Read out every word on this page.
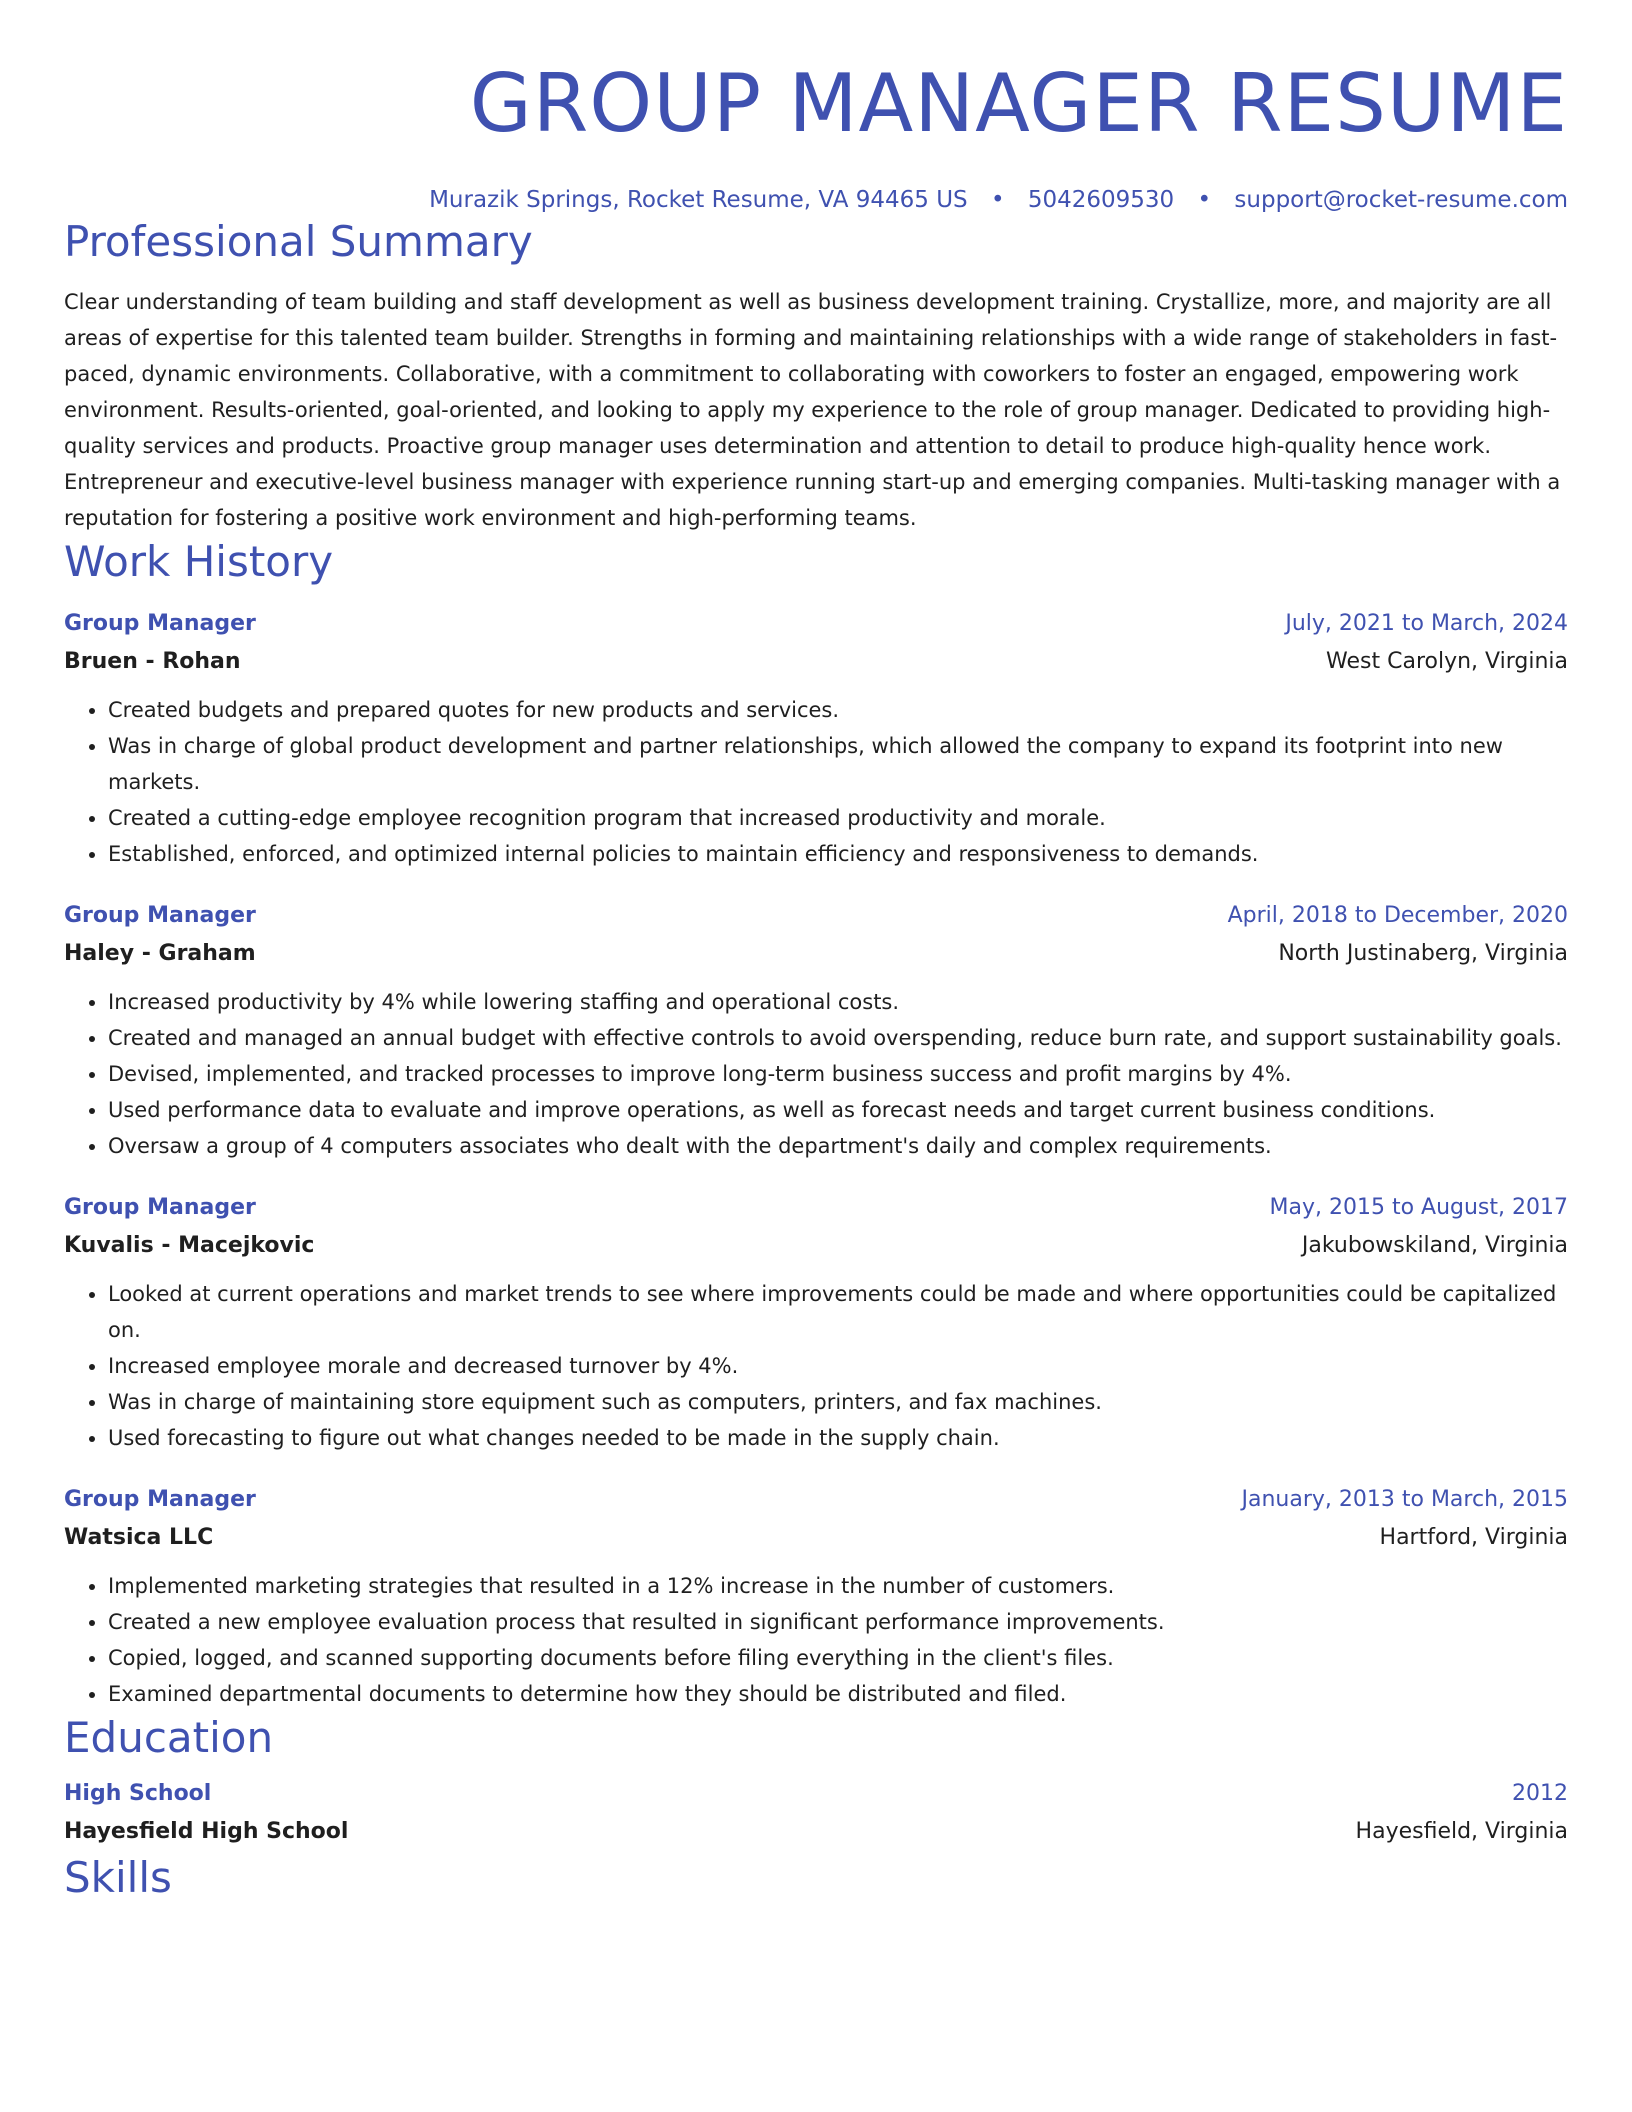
GROUP MANAGER RESUME
Murazik Springs, Rocket Resume, VA 94465 US • 5042609530 • support@rocket-resume.com
Professional Summary
Clear understanding of team building and staff development as well as business development training. Crystallize, more, and majority are all areas of expertise for this talented team builder. Strengths in forming and maintaining relationships with a wide range of stakeholders in fast-paced, dynamic environments. Collaborative, with a commitment to collaborating with coworkers to foster an engaged, empowering work environment. Results-oriented, goal-oriented, and looking to apply my experience to the role of group manager. Dedicated to providing high-quality services and products. Proactive group manager uses determination and attention to detail to produce high-quality hence work. Entrepreneur and executive-level business manager with experience running start-up and emerging companies. Multi-tasking manager with a reputation for fostering a positive work environment and high-performing teams.
Work History
Group Manager	July, 2021 to March, 2024
Bruen - Rohan	West Carolyn, Virginia
• Created budgets and prepared quotes for new products and services.
• Was in charge of global product development and partner relationships, which allowed the company to expand its footprint into new markets.
• Created a cutting-edge employee recognition program that increased productivity and morale.
• Established, enforced, and optimized internal policies to maintain efficiency and responsiveness to demands.
Group Manager	April, 2018 to December, 2020
Haley - Graham	North Justinaberg, Virginia
• Increased productivity by 4% while lowering staffing and operational costs.
• Created and managed an annual budget with effective controls to avoid overspending, reduce burn rate, and support sustainability goals.
• Devised, implemented, and tracked processes to improve long-term business success and profit margins by 4%.
• Used performance data to evaluate and improve operations, as well as forecast needs and target current business conditions.
• Oversaw a group of 4 computers associates who dealt with the department's daily and complex requirements.
Group Manager	May, 2015 to August, 2017
Kuvalis - Macejkovic	Jakubowskiland, Virginia
• Looked at current operations and market trends to see where improvements could be made and where opportunities could be capitalized on.
• Increased employee morale and decreased turnover by 4%.
• Was in charge of maintaining store equipment such as computers, printers, and fax machines.
• Used forecasting to figure out what changes needed to be made in the supply chain.
Group Manager	January, 2013 to March, 2015
Watsica LLC	Hartford, Virginia
• Implemented marketing strategies that resulted in a 12% increase in the number of customers.
• Created a new employee evaluation process that resulted in significant performance improvements.
• Copied, logged, and scanned supporting documents before filing everything in the client's files.
• Examined departmental documents to determine how they should be distributed and filed.
Education
High School	2012
Hayesfield High School	Hayesfield, Virginia
Skills
